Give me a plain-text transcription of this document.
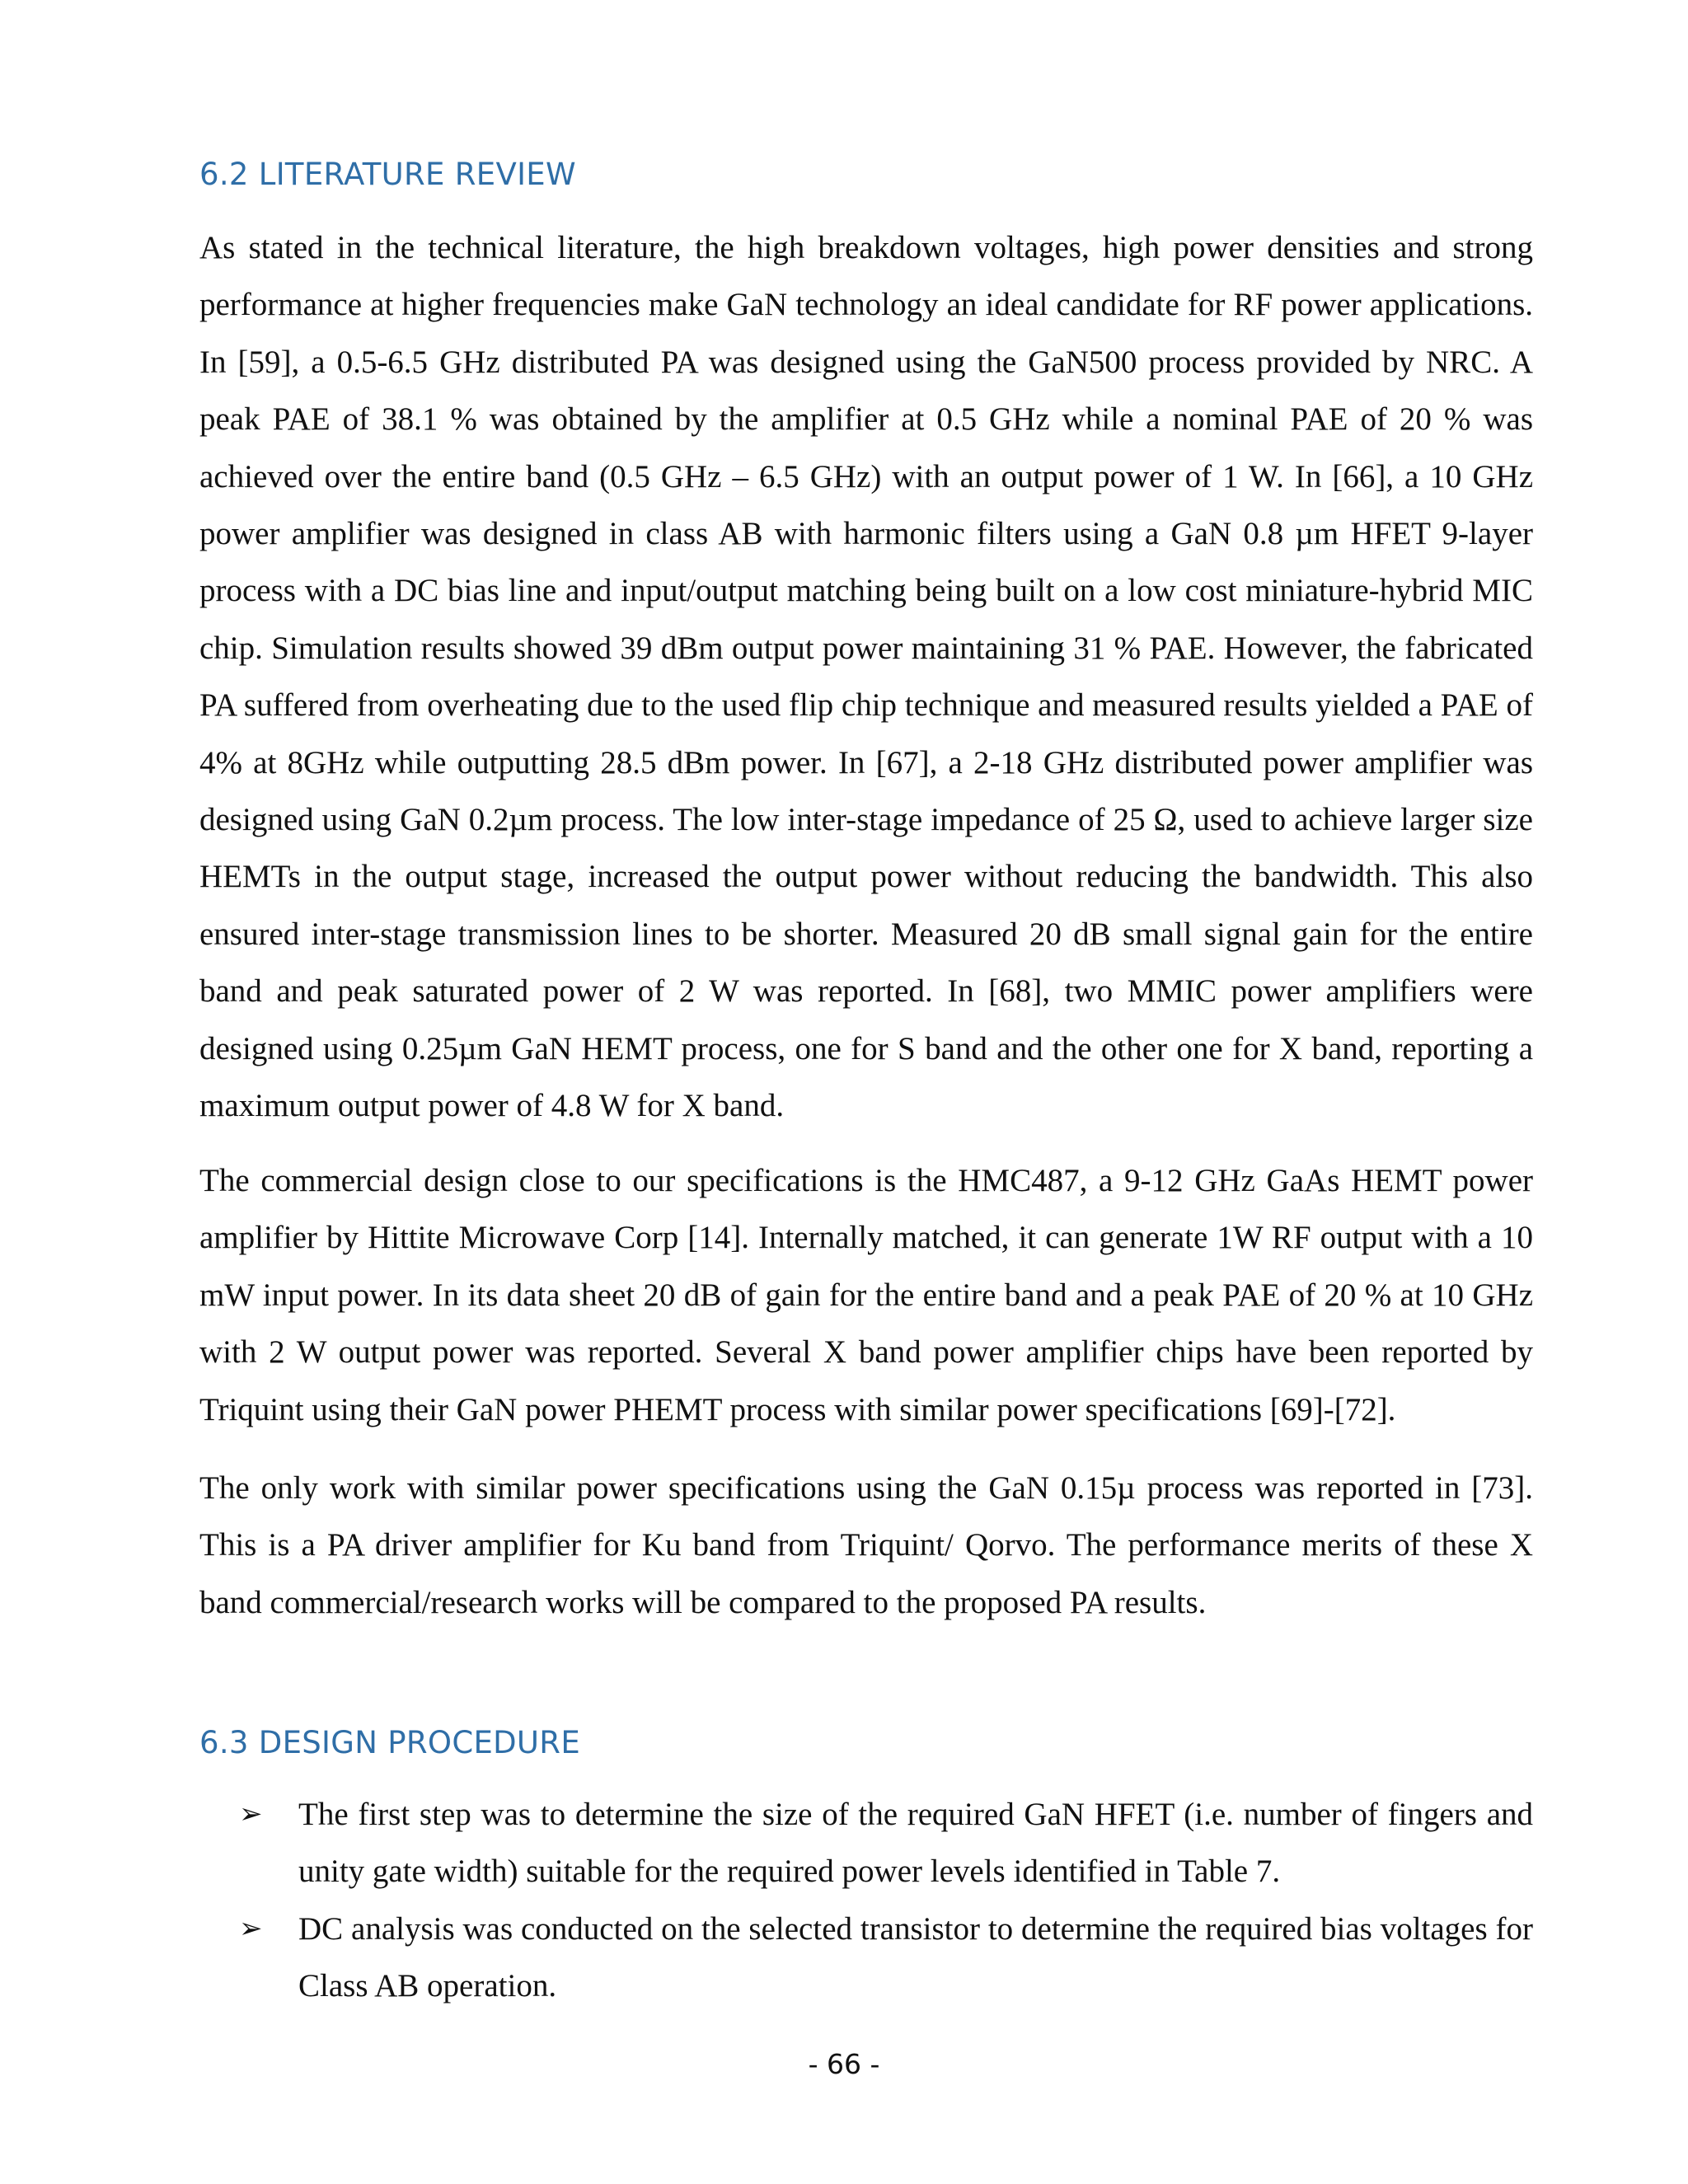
6.2 LITERATURE REVIEW

As stated in the technical literature, the high breakdown voltages, high power densities and strong performance at higher frequencies make GaN technology an ideal candidate for RF power applications. In [59], a 0.5-6.5 GHz distributed PA was designed using the GaN500 process provided by NRC. A peak PAE of 38.1 % was obtained by the amplifier at 0.5 GHz while a nominal PAE of 20 % was achieved over the entire band (0.5 GHz – 6.5 GHz) with an output power of 1 W. In [66], a 10 GHz power amplifier was designed in class AB with harmonic filters using a GaN 0.8 µm HFET 9-layer process with a DC bias line and input/output matching being built on a low cost miniature-hybrid MIC chip. Simulation results showed 39 dBm output power maintaining 31 % PAE. However, the fabricated PA suffered from overheating due to the used flip chip technique and measured results yielded a PAE of 4% at 8GHz while outputting 28.5 dBm power. In [67], a 2-18 GHz distributed power amplifier was designed using GaN 0.2µm process. The low inter-stage impedance of 25 Ω, used to achieve larger size HEMTs in the output stage, increased the output power without reducing the bandwidth. This also ensured inter-stage transmission lines to be shorter. Measured 20 dB small signal gain for the entire band and peak saturated power of 2 W was reported. In [68], two MMIC power amplifiers were designed using 0.25µm GaN HEMT process, one for S band and the other one for X band, reporting a maximum output power of 4.8 W for X band.

The commercial design close to our specifications is the HMC487, a 9-12 GHz GaAs HEMT power amplifier by Hittite Microwave Corp [14]. Internally matched, it can generate 1W RF output with a 10 mW input power. In its data sheet 20 dB of gain for the entire band and a peak PAE of 20 % at 10 GHz with 2 W output power was reported. Several X band power amplifier chips have been reported by Triquint using their GaN power PHEMT process with similar power specifications [69]-[72].

The only work with similar power specifications using the GaN 0.15µ process was reported in [73]. This is a PA driver amplifier for Ku band from Triquint/ Qorvo. The performance merits of these X band commercial/research works will be compared to the proposed PA results.

6.3 DESIGN PROCEDURE
➢ The first step was to determine the size of the required GaN HFET (i.e. number of fingers and unity gate width) suitable for the required power levels identified in Table 7.
➢ DC analysis was conducted on the selected transistor to determine the required bias voltages for Class AB operation.
- 66 -
